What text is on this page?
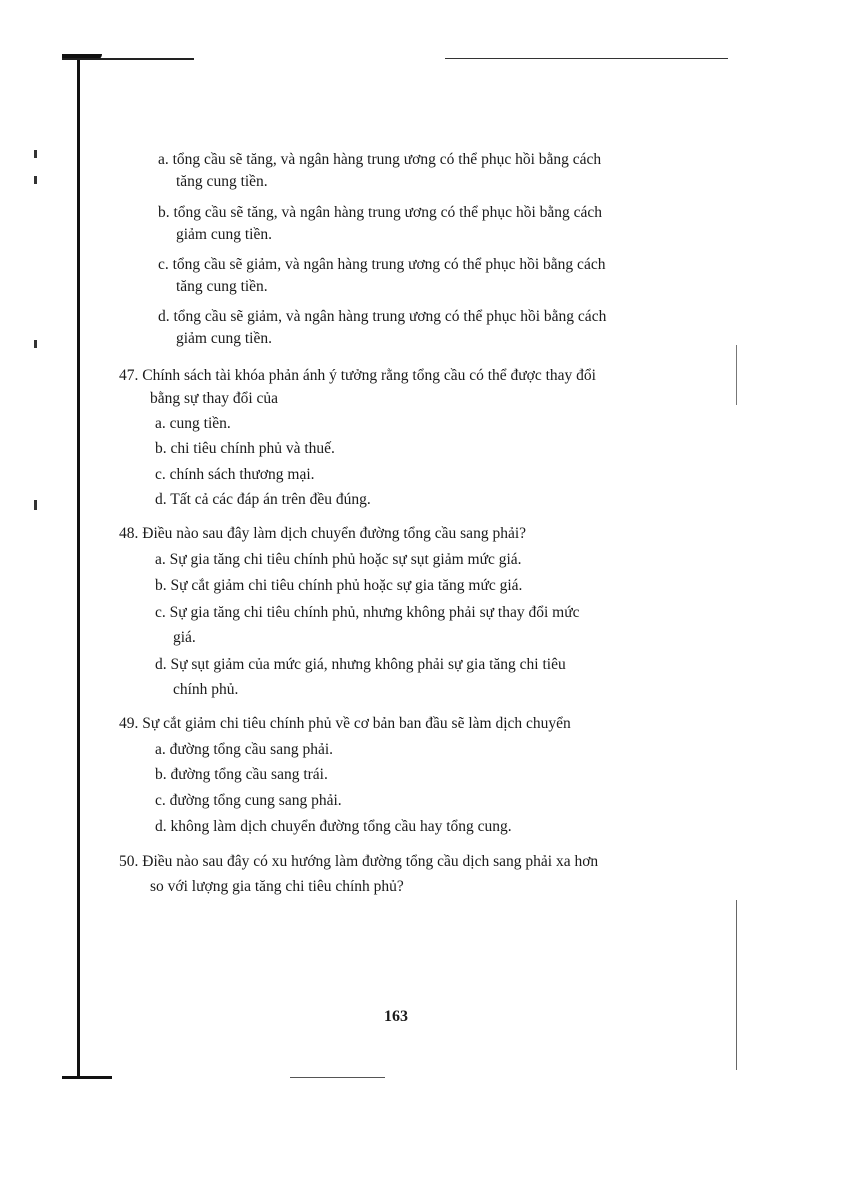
a. tổng cầu sẽ tăng, và ngân hàng trung ương có thể phục hồi bằng cách
tăng cung tiền.
b. tổng cầu sẽ tăng, và ngân hàng trung ương có thể phục hồi bằng cách
giảm cung tiền.
c. tổng cầu sẽ giảm, và ngân hàng trung ương có thể phục hồi bằng cách
tăng cung tiền.
d. tổng cầu sẽ giảm, và ngân hàng trung ương có thể phục hồi bằng cách
giảm cung tiền.
47. Chính sách tài khóa phản ánh ý tưởng rằng tổng cầu có thể được thay đổi
bằng sự thay đổi của
a. cung tiền.
b. chi tiêu chính phủ và thuế.
c. chính sách thương mại.
d. Tất cả các đáp án trên đều đúng.
48. Điều nào sau đây làm dịch chuyển đường tổng cầu sang phải?
a. Sự gia tăng chi tiêu chính phủ hoặc sự sụt giảm mức giá.
b. Sự cắt giảm chi tiêu chính phủ hoặc sự gia tăng mức giá.
c. Sự gia tăng chi tiêu chính phủ, nhưng không phải sự thay đổi mức
giá.
d. Sự sụt giảm của mức giá, nhưng không phải sự gia tăng chi tiêu
chính phủ.
49. Sự cắt giảm chi tiêu chính phủ về cơ bản ban đầu sẽ làm dịch chuyển
a. đường tổng cầu sang phải.
b. đường tổng cầu sang trái.
c. đường tổng cung sang phải.
d. không làm dịch chuyển đường tổng cầu hay tổng cung.
50. Điều nào sau đây có xu hướng làm đường tổng cầu dịch sang phải xa hơn
so với lượng gia tăng chi tiêu chính phủ?
163
